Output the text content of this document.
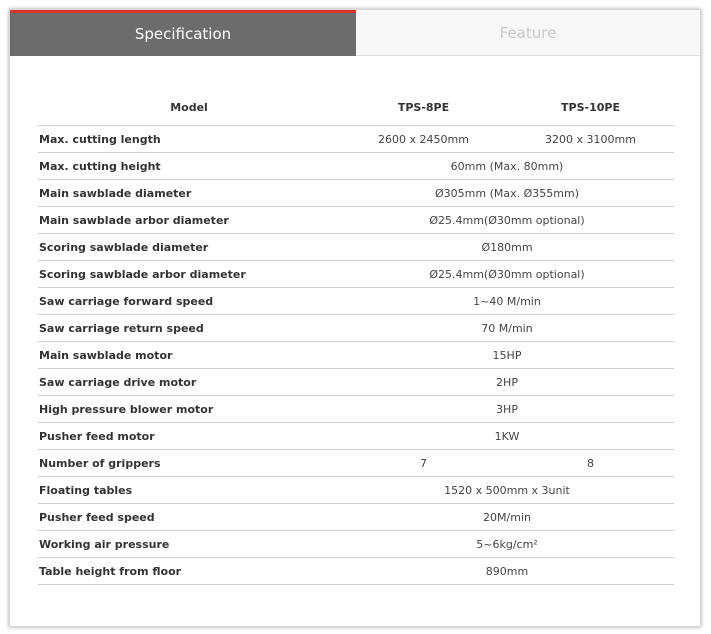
Specification	Feature
Model	TPS-8PE	TPS-10PE
Max. cutting length	2600 x 2450mm	3200 x 3100mm
Max. cutting height	60mm (Max. 80mm)	
Main sawblade diameter	Ø305mm (Max. Ø355mm)	
Main sawblade arbor diameter	Ø25.4mm(Ø30mm optional)	
Scoring sawblade diameter	Ø180mm	
Scoring sawblade arbor diameter	Ø25.4mm(Ø30mm optional)	
Saw carriage forward speed	1~40 M/min	
Saw carriage return speed	70 M/min	
Main sawblade motor	15HP	
Saw carriage drive motor	2HP	
High pressure blower motor	3HP	
Pusher feed motor	1KW	
Number of grippers	7	8
Floating tables	1520 x 500mm x 3unit	
Pusher feed speed	20M/min	
Working air pressure	5~6kg/cm²	
Table height from floor	890mm	
